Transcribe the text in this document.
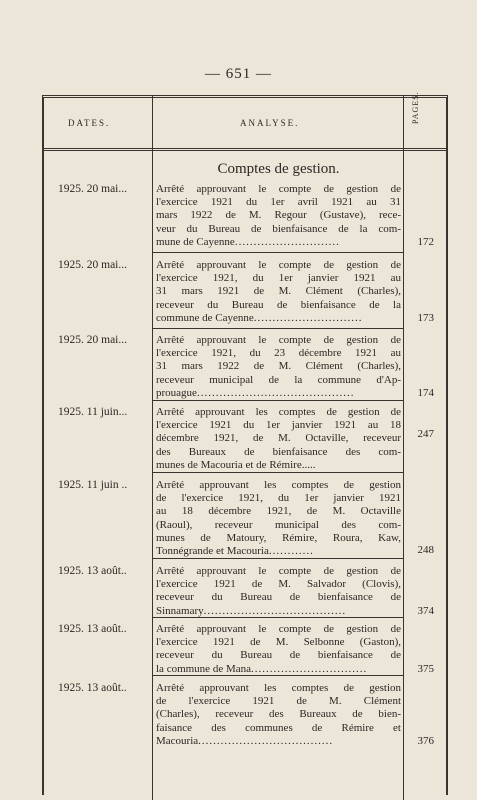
— 651 —
DATES.	ANALYSE.	PAGES.
Comptes de gestion.
1925. 20 mai...	Arrêté approuvant le compte de gestion de
l'exercice 1921 du 1er avril 1921 au 31
mars 1922 de M. Regour (Gustave), rece-
veur du Bureau de bienfaisance de la com-
mune de Cayenne............................	172
1925. 20 mai...	Arrêté approuvant le compte de gestion de
l'exercice 1921, du 1er janvier 1921 au
31 mars 1921 de M. Clément (Charles),
receveur du Bureau de bienfaisance de la
commune de Cayenne.............................	173
1925. 20 mai...	Arrêté approuvant le compte de gestion de
l'exercice 1921, du 23 décembre 1921 au
31 mars 1922 de M. Clément (Charles),
receveur municipal de la commune d'Ap-
prouague..........................................	174
1925. 11 juin...	Arrêté approuvant les comptes de gestion de
l'exercice 1921 du 1er janvier 1921 au 18
décembre 1921, de M. Octaville, receveur
des Bureaux de bienfaisance des com-
munes de Macouria et de Rémire.....
247
1925. 11 juin ..	Arrêté approuvant les comptes de gestion
de l'exercice 1921, du 1er janvier 1921
au 18 décembre 1921, de M. Octaville
(Raoul), receveur municipal des com-
munes de Matoury, Rémire, Roura, Kaw,
Tonnégrande et Macouria............	248
1925. 13 août..	Arrêté approuvant le compte de gestion de
l'exercice 1921 de M. Salvador (Clovis),
receveur du Bureau de bienfaisance de
Sinnamary......................................	374
1925. 13 août..	Arrêté approuvant le compte de gestion de
l'exercice 1921 de M. Selbonne (Gaston),
receveur du Bureau de bienfaisance de
la commune de Mana...............................	375
1925. 13 août..	Arrêté approuvant les comptes de gestion
de l'exercice 1921 de M. Clément
(Charles), receveur des Bureaux de bien-
faisance des communes de Rémire et
Macouria....................................	376
